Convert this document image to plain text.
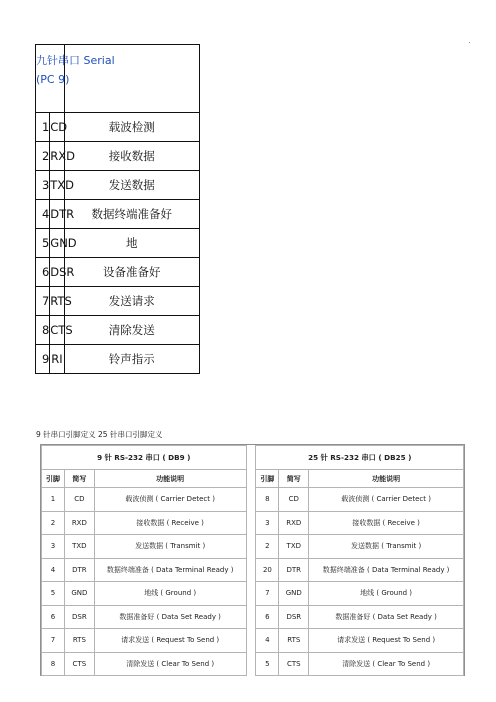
九针串口 Serial
(PC 9)		

1	CD	载波检测
2	RXD	接收数据
3	TXD	发送数据
4	DTR	数据终端准备好
5	GND	地
6	DSR	设备准备好
7	RTS	发送请求
8	CTS	清除发送
9	RI	铃声指示
9 针串口引脚定义 25 针串口引脚定义
9 针 RS-232 串口 ( DB9 )				25 针 RS-232 串口 ( DB25 )		
引脚	简写	功能说明		引脚	简写	功能说明
1	CD	载波侦测 ( Carrier Detect )		8	CD	载波侦测 ( Carrier Detect )
2	RXD	接收数据 ( Receive )		3	RXD	接收数据 ( Receive )
3	TXD	发送数据 ( Transmit )		2	TXD	发送数据 ( Transmit )
4	DTR	数据终端准备 ( Data Terminal Ready )		20	DTR	数据终端准备 ( Data Terminal Ready )
5	GND	地线 ( Ground )		7	GND	地线 ( Ground )
6	DSR	数据准备好 ( Data Set Ready )		6	DSR	数据准备好 ( Data Set Ready )
7	RTS	请求发送 ( Request To Send )		4	RTS	请求发送 ( Request To Send )
8	CTS	清除发送 ( Clear To Send )		5	CTS	清除发送 ( Clear To Send )
